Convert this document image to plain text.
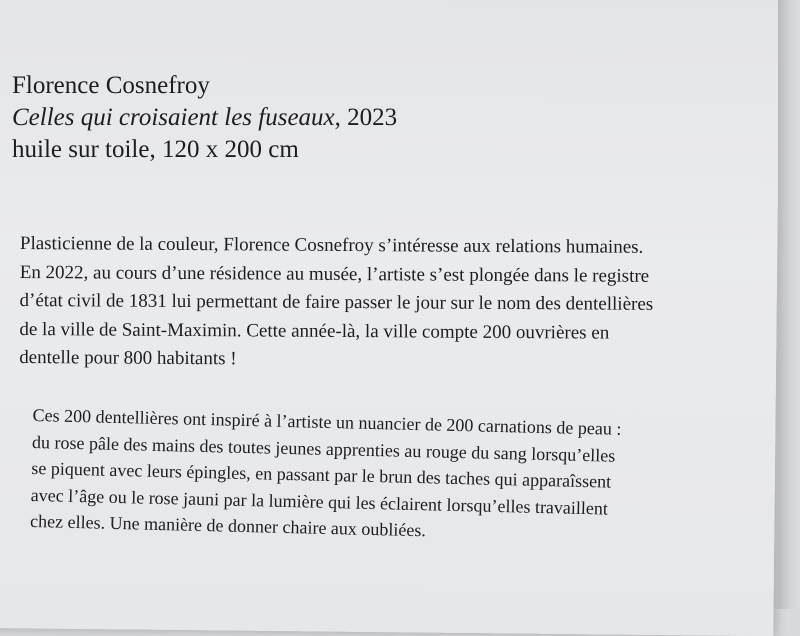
Florence Cosnefroy
Celles qui croisaient les fuseaux, 2023
huile sur toile, 120 x 200 cm
Plasticienne de la couleur, Florence Cosnefroy s’intéresse aux relations humaines.
En 2022, au cours d’une résidence au musée, l’artiste s’est plongée dans le registre
d’état civil de 1831 lui permettant de faire passer le jour sur le nom des dentellières
de la ville de Saint-Maximin. Cette année-là, la ville compte 200 ouvrières en
dentelle pour 800 habitants !
Ces 200 dentellières ont inspiré à l’artiste un nuancier de 200 carnations de peau :
du rose pâle des mains des toutes jeunes apprenties au rouge du sang lorsqu’elles
se piquent avec leurs épingles, en passant par le brun des taches qui apparaîssent
avec l’âge ou le rose jauni par la lumière qui les éclairent lorsqu’elles travaillent
chez elles. Une manière de donner chaire aux oubliées.
